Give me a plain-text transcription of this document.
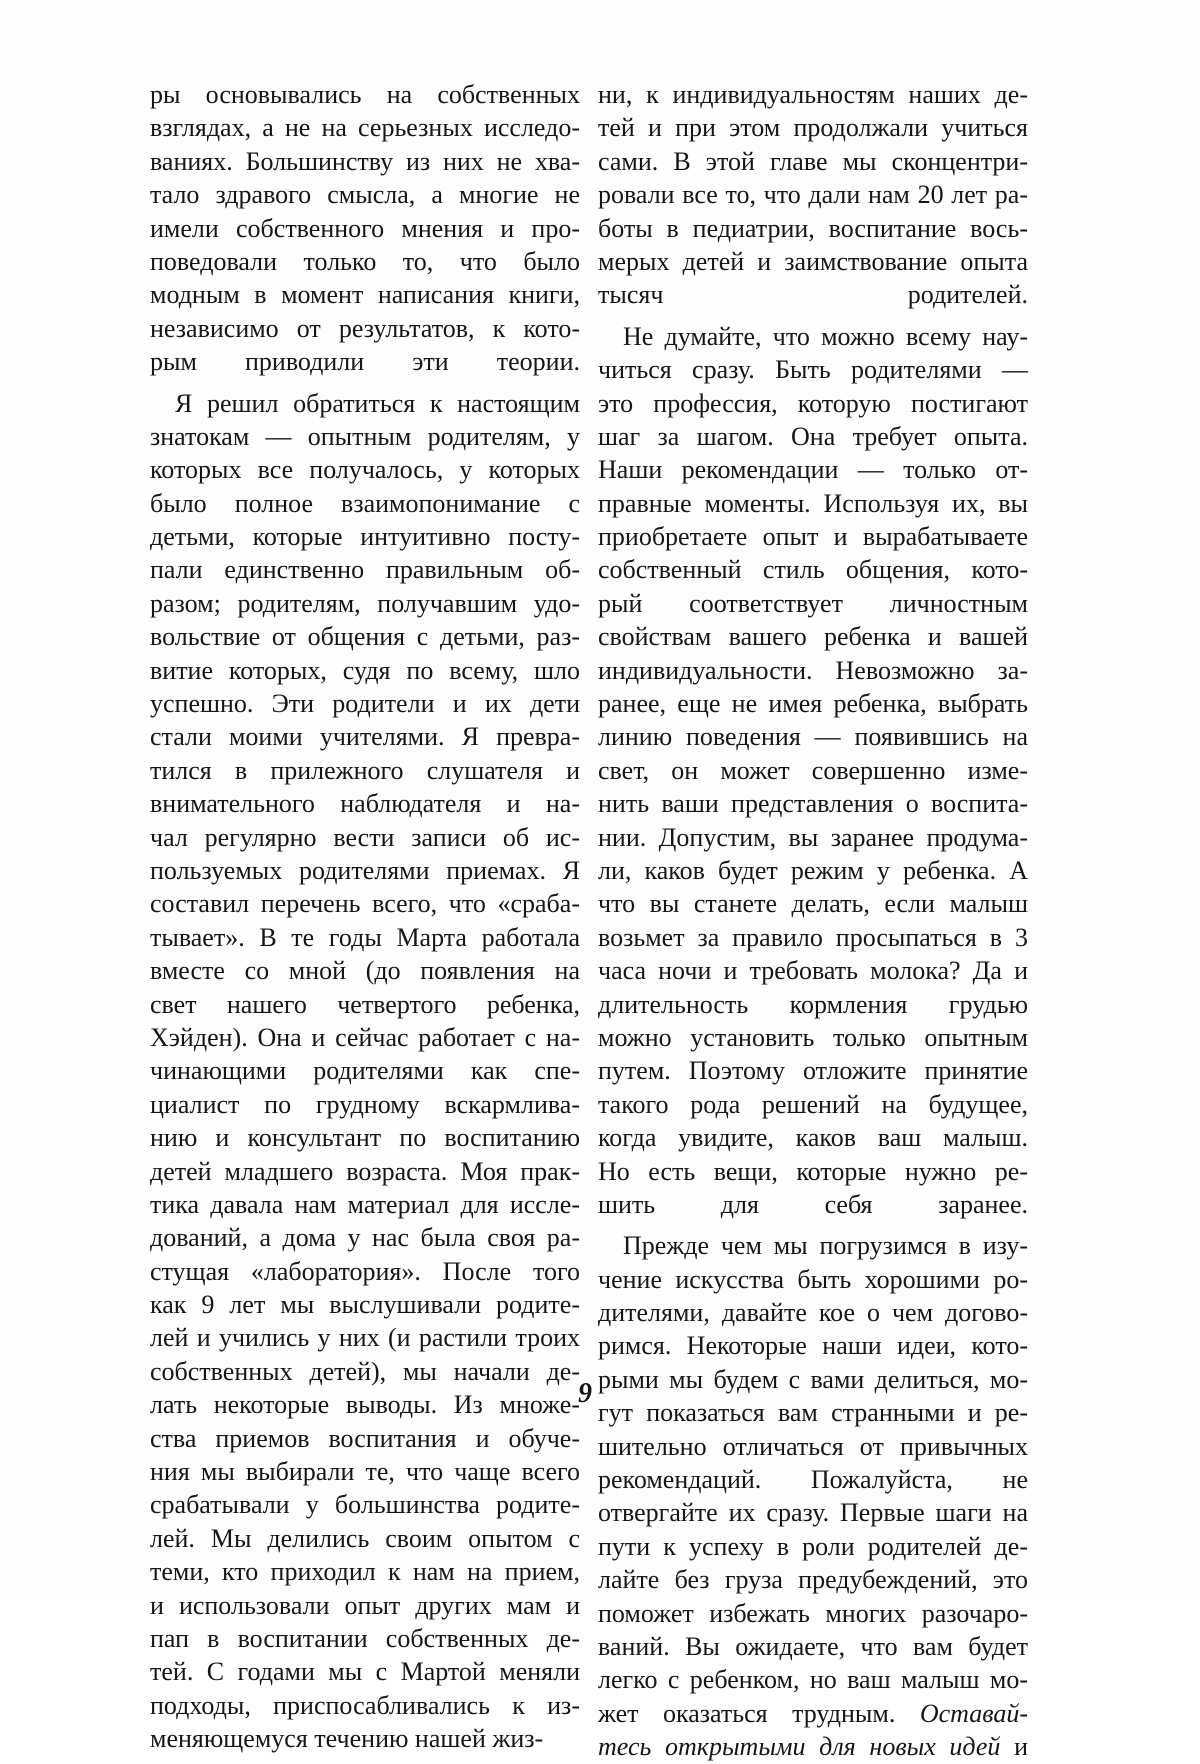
ры основывались на собственных
взглядах, а не на серьезных исследо-
ваниях. Большинству из них не хва-
тало здравого смысла, а многие не
имели собственного мнения и про-
поведовали только то, что было
модным в момент написания книги,
независимо от результатов, к кото-
рым приводили эти теории.
Я решил обратиться к настоящим
знатокам — опытным родителям, у
которых все получалось, у которых
было полное взаимопонимание с
детьми, которые интуитивно посту-
пали единственно правильным об-
разом; родителям, получавшим удо-
вольствие от общения с детьми, раз-
витие которых, судя по всему, шло
успешно. Эти родители и их дети
стали моими учителями. Я превра-
тился в прилежного слушателя и
внимательного наблюдателя и на-
чал регулярно вести записи об ис-
пользуемых родителями приемах. Я
составил перечень всего, что «сраба-
тывает». В те годы Марта работала
вместе со мной (до появления на
свет нашего четвертого ребенка,
Хэйден). Она и сейчас работает с на-
чинающими родителями как спе-
циалист по грудному вскармлива-
нию и консультант по воспитанию
детей младшего возраста. Моя прак-
тика давала нам материал для иссле-
дований, а дома у нас была своя ра-
стущая «лаборатория». После того
как 9 лет мы выслушивали родите-
лей и учились у них (и растили троих
собственных детей), мы начали де-
лать некоторые выводы. Из множе-
ства приемов воспитания и обуче-
ния мы выбирали те, что чаще всего
срабатывали у большинства родите-
лей. Мы делились своим опытом с
теми, кто приходил к нам на прием,
и использовали опыт других мам и
пап в воспитании собственных де-
тей. С годами мы с Мартой меняли
подходы, приспосабливались к из-
меняющемуся течению нашей жиз-
ни, к индивидуальностям наших де-
тей и при этом продолжали учиться
сами. В этой главе мы сконцентри-
ровали все то, что дали нам 20 лет ра-
боты в педиатрии, воспитание вось-
мерых детей и заимствование опыта
тысяч родителей.
Не думайте, что можно всему нау-
читься сразу. Быть родителями —
это профессия, которую постигают
шаг за шагом. Она требует опыта.
Наши рекомендации — только от-
правные моменты. Используя их, вы
приобретаете опыт и вырабатываете
собственный стиль общения, кото-
рый соответствует личностным
свойствам вашего ребенка и вашей
индивидуальности. Невозможно за-
ранее, еще не имея ребенка, выбрать
линию поведения — появившись на
свет, он может совершенно изме-
нить ваши представления о воспита-
нии. Допустим, вы заранее продума-
ли, каков будет режим у ребенка. А
что вы станете делать, если малыш
возьмет за правило просыпаться в 3
часа ночи и требовать молока? Да и
длительность кормления грудью
можно установить только опытным
путем. Поэтому отложите принятие
такого рода решений на будущее,
когда увидите, каков ваш малыш.
Но есть вещи, которые нужно ре-
шить для себя заранее.
Прежде чем мы погрузимся в изу-
чение искусства быть хорошими ро-
дителями, давайте кое о чем догово-
римся. Некоторые наши идеи, кото-
рыми мы будем с вами делиться, мо-
гут показаться вам странными и ре-
шительно отличаться от привычных
рекомендаций. Пожалуйста, не
отвергайте их сразу. Первые шаги на
пути к успеху в роли родителей де-
лайте без груза предубеждений, это
поможет избежать многих разочаро-
ваний. Вы ожидаете, что вам будет
легко с ребенком, но ваш малыш мо-
жет оказаться трудным. Оставай-
тесь открытыми для новых идей и
9
